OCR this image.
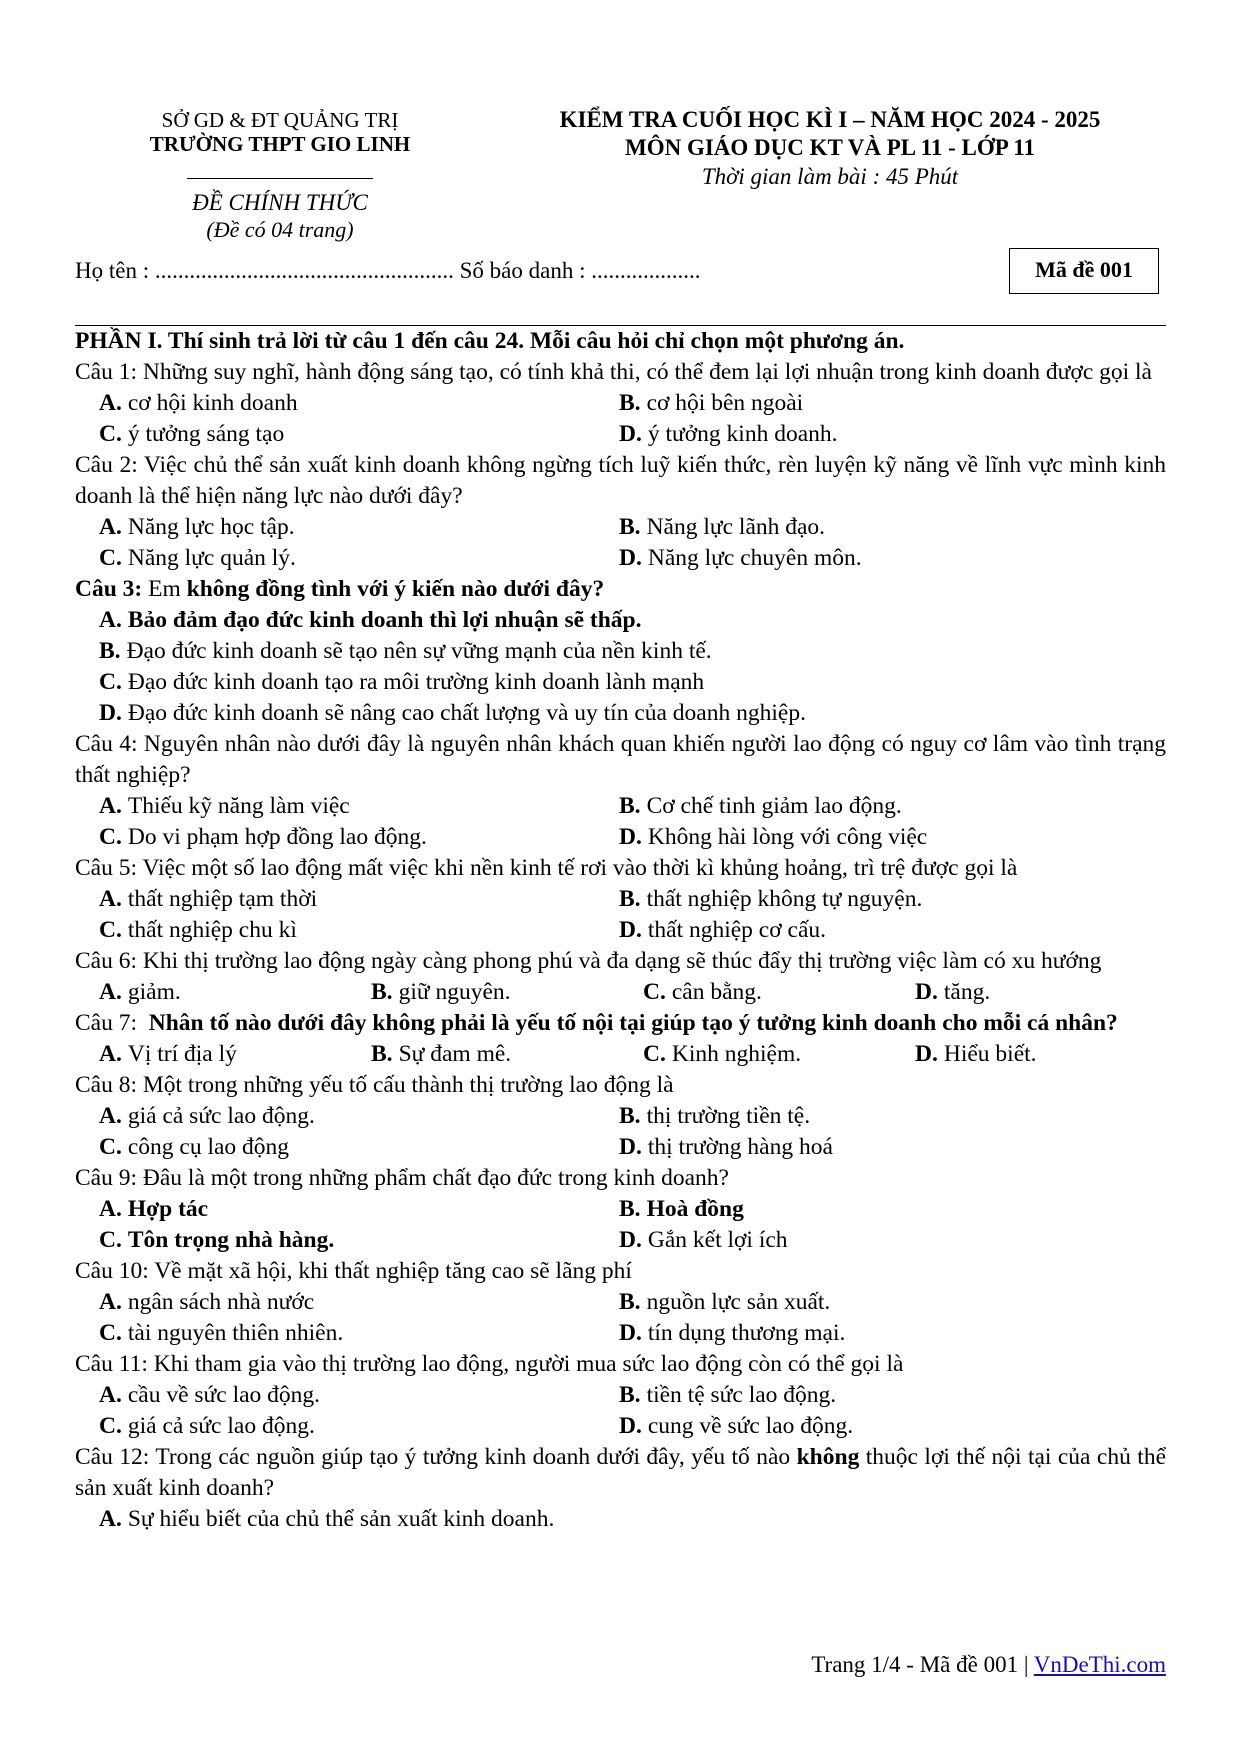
SỞ GD & ĐT QUẢNG TRỊ
TRƯỜNG THPT GIO LINH
ĐỀ CHÍNH THỨC
(Đề có 04 trang)
KIỂM TRA CUỐI HỌC KÌ I – NĂM HỌC 2024 - 2025
MÔN GIÁO DỤC KT VÀ PL 11 - LỚP 11
Thời gian làm bài : 45 Phút
Họ tên : .................................................... Số báo danh : ...................	Mã đề 001
PHẦN I. Thí sinh trả lời từ câu 1 đến câu 24. Mỗi câu hỏi chỉ chọn một phương án.
Câu 1: Những suy nghĩ, hành động sáng tạo, có tính khả thi, có thể đem lại lợi nhuận trong kinh doanh được gọi là
A. cơ hội kinh doanh	B. cơ hội bên ngoài
C. ý tưởng sáng tạo	D. ý tưởng kinh doanh.
Câu 2: Việc chủ thể sản xuất kinh doanh không ngừng tích luỹ kiến thức, rèn luyện kỹ năng về lĩnh vực mình kinh doanh là thể hiện năng lực nào dưới đây?
A. Năng lực học tập.	B. Năng lực lãnh đạo.
C. Năng lực quản lý.	D. Năng lực chuyên môn.
Câu 3: Em không đồng tình với ý kiến nào dưới đây?
A. Bảo đảm đạo đức kinh doanh thì lợi nhuận sẽ thấp.
B. Đạo đức kinh doanh sẽ tạo nên sự vững mạnh của nền kinh tế.
C. Đạo đức kinh doanh tạo ra môi trường kinh doanh lành mạnh
D. Đạo đức kinh doanh sẽ nâng cao chất lượng và uy tín của doanh nghiệp.
Câu 4: Nguyên nhân nào dưới đây là nguyên nhân khách quan khiến người lao động có nguy cơ lâm vào tình trạng thất nghiệp?
A. Thiếu kỹ năng làm việc	B. Cơ chế tinh giảm lao động.
C. Do vi phạm hợp đồng lao động.	D. Không hài lòng với công việc
Câu 5: Việc một số lao động mất việc khi nền kinh tế rơi vào thời kì khủng hoảng, trì trệ được gọi là
A. thất nghiệp tạm thời	B. thất nghiệp không tự nguyện.
C. thất nghiệp chu kì	D. thất nghiệp cơ cấu.
Câu 6: Khi thị trường lao động ngày càng phong phú và đa dạng sẽ thúc đẩy thị trường việc làm có xu hướng
A. giảm.	B. giữ nguyên.	C. cân bằng.	D. tăng.
Câu 7: Nhân tố nào dưới đây không phải là yếu tố nội tại giúp tạo ý tưởng kinh doanh cho mỗi cá nhân?
A. Vị trí địa lý	B. Sự đam mê.	C. Kinh nghiệm.	D. Hiểu biết.
Câu 8: Một trong những yếu tố cấu thành thị trường lao động là
A. giá cả sức lao động.	B. thị trường tiền tệ.
C. công cụ lao động	D. thị trường hàng hoá
Câu 9: Đâu là một trong những phẩm chất đạo đức trong kinh doanh?
A. Hợp tác	B. Hoà đồng
C. Tôn trọng nhà hàng.	D. Gắn kết lợi ích
Câu 10: Về mặt xã hội, khi thất nghiệp tăng cao sẽ lãng phí
A. ngân sách nhà nước	B. nguồn lực sản xuất.
C. tài nguyên thiên nhiên.	D. tín dụng thương mại.
Câu 11: Khi tham gia vào thị trường lao động, người mua sức lao động còn có thể gọi là
A. cầu về sức lao động.	B. tiền tệ sức lao động.
C. giá cả sức lao động.	D. cung về sức lao động.
Câu 12: Trong các nguồn giúp tạo ý tưởng kinh doanh dưới đây, yếu tố nào không thuộc lợi thế nội tại của chủ thể sản xuất kinh doanh?
A. Sự hiểu biết của chủ thể sản xuất kinh doanh.
Trang 1/4 - Mã đề 001 | VnDeThi.com
